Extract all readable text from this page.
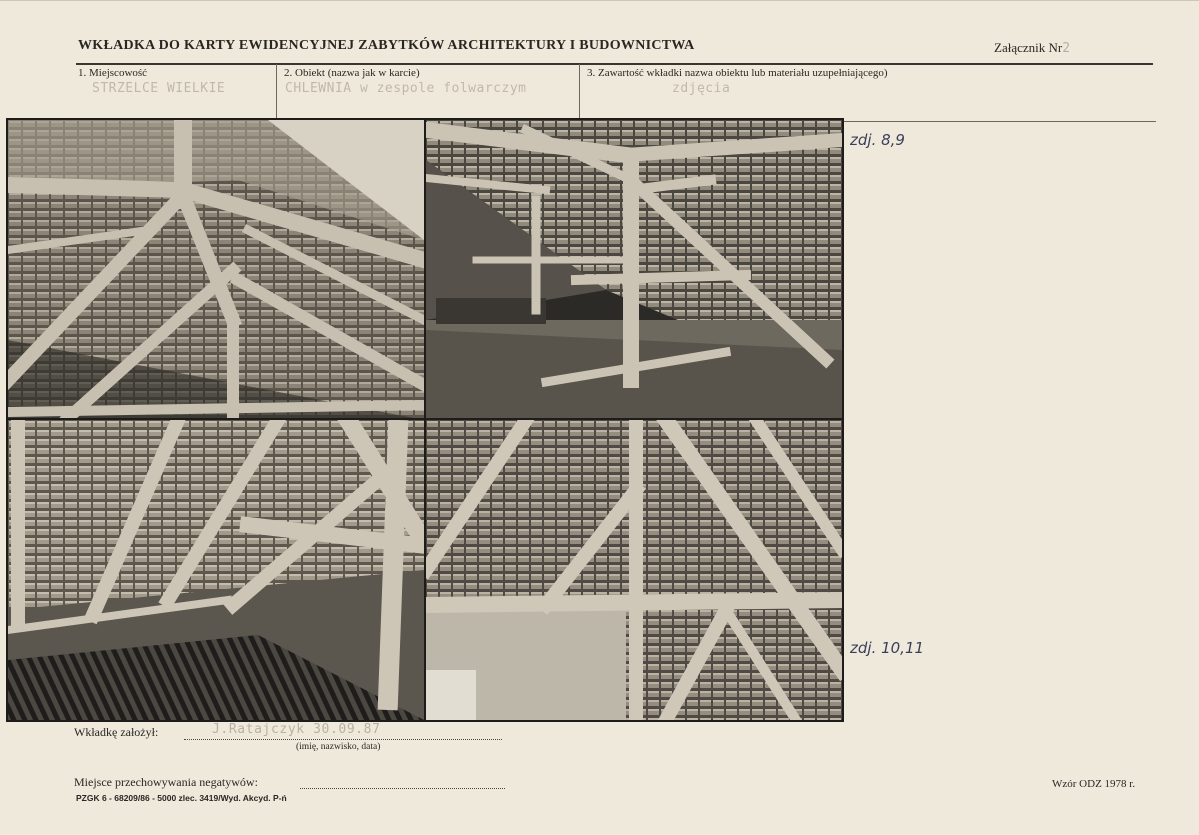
WKŁADKA DO KARTY EWIDENCYJNEJ ZABYTKÓW ARCHITEKTURY I BUDOWNICTWA	Załącznik Nr2
1. Miejscowość
STRZELCE WIELKIE
2. Obiekt (nazwa jak w karcie)
CHLEWNIA w zespole folwarczym
3. Zawartość wkładki nazwa obiektu lub materiału uzupełniającego)
zdjęcia
zdj. 8,9
zdj. 10,11
Wkładkę założył:	J.Ratajczyk 30.09.87
(imię, nazwisko, data)
Miejsce przechowywania negatywów:
PZGK 6 - 68209/86 - 5000 zlec. 3419/Wyd. Akcyd. P-ń
Wzór ODZ 1978 r.
